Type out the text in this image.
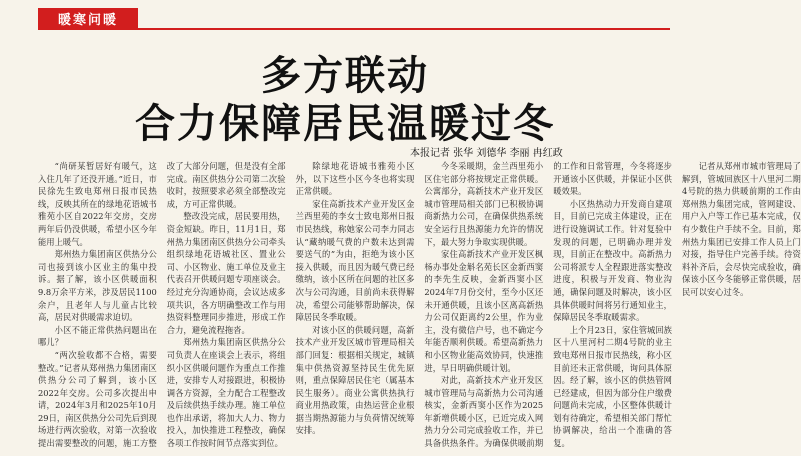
暖寒问暖
多方联动
合力保障居民温暖过冬
本报记者 张华 刘德华 李丽 冉红政

“尚研某暂居好有暖气，这入住几年了还没开通。”近日，市民徐先生致电郑州日报市民热线，反映其所在的绿地花语城书雅苑小区自2022年交房，交房两年后仍没供暖，希望小区今年能用上暖气。

郑州热力集团南区供热分公司也接到该小区业主的集中投诉。据了解，该小区供暖面积9.8万余平方米，涉及居民1100余户，且老年人与儿童占比较高，居民对供暖需求迫切。

小区不能正常供热问题出在哪儿？

“两次验收都不合格，需要整改。”记者从郑州热力集团南区供热分公司了解到，该小区2022年交房。公司多次提出申请，2024年3月和2025年10月29日，南区供热分公司先后到现场进行两次验收，对第一次验收提出需要整改的问题，施工方整改了大部分问题，但是没有全部完成。南区供热分公司第二次验收时，按照要求必须全部整改完成，方可正常供暖。

整改没完成，居民要用热，资金短缺。昨日，11月1日，郑州热力集团南区供热分公司牵头组织绿地花语城社区、置业公司、小区物业、施工单位及业主代表召开供暖问题专项座谈会。经过充分沟通协商，会议达成多项共识，各方明确整改工作与用热资料整理同步推进，形成工作合力，避免流程拖沓。

郑州热力集团南区供热分公司负责人在座谈会上表示，将组织小区供暖问题作为重点工作推进，安排专人对接跟进，积极协调各方资源，全力配合工程整改及后续供热手续办理。施工单位也作出承诺，将加大人力、物力投入，加快推进工程整改，确保各项工作按时间节点落实到位。

除绿地花语城书雅苑小区外，以下这些小区今冬也将实现正常供暖。

家住高新技术产业开发区金兰西里苑的李女士致电郑州日报市民热线，称她家公司李力同志认“藏纳暖气费的户数未达到需要送气的”为由，拒绝为该小区接入供暖，而且因为暖气费已经缴纳，该小区所在问题的社区多次与公司沟通，目前尚未获得解决，希望公司能够帮助解决，保障居民冬季取暖。

对该小区的供暖问题，高新技术产业开发区城市管理局相关部门回复：根据相关规定，城镇集中供热资源坚持民生优先原则，重点保障居民住宅（属基本民生服务）。商业公寓供热执行商业用热政策，由热运营企业根据当期热源能力与负荷情况统筹安排。

今冬采暖期，金兰西里苑小区住宅部分将按规定正常供暖。公寓部分，高新技术产业开发区城市管理局相关部门已积极协调商新热力公司，在确保供热系统安全运行且热源能力允许的情况下，最大努力争取实现供暖。

家住高新技术产业开发区枫杨办事处金斛名苑长区金新西窦的李先生反映，金新西窦小区2024年7月份交付，至今小区还未开通供暖，且该小区离高新热力公司仅距离约2公里，作为业主，没有微信户号，也不确定今年能否顺利供暖。希望高新热力和小区物业能高效协同，快速推进，早日明确供暖计划。

对此，高新技术产业开发区城市管理局与高新热力公司沟通核实，金新西窦小区作为2025年新增供暖小区，已近完成入网热力分公司完成验收工作，并已具备供热条件。为确保供暖前期的工作和日常管理，今冬将逐步开通该小区供暖，并保证小区供暖效果。

小区热热动力开发商自建项目，目前已完成主体建设，正在进行设施调试工作。针对复验中发现的问题，已明确办理并发现，目前正在整改中。高新热力公司将派专人全程跟进落实整改进度，积极与开发商、物业沟通，确保问题及时解决，该小区具体供暖时间将另行通知业主，保障居民冬季取暖需求。

上个月23日，家住管城回族区十八里河村二期4号院的业主致电郑州日报市民热线，称小区目前还未正常供暖，询问具体原因。经了解，该小区的供热管网已经建成，但因为部分住户缴费问题尚未完成，小区整体供暖计划有待确定，希望相关部门帮忙协调解决，给出一个准确的答复。

记者从郑州市城市管理局了解到，管城回族区十八里河二期4号院的热力供暖前期的工作由郑州热力集团完成，管网建设、用户入户等工作已基本完成，仅有少数住户手续不全。目前，郑州热力集团已安排工作人员上门对接，指导住户完善手续。待资料补齐后，会尽快完成验收，确保该小区今冬能够正常供暖，居民可以安心过冬。
